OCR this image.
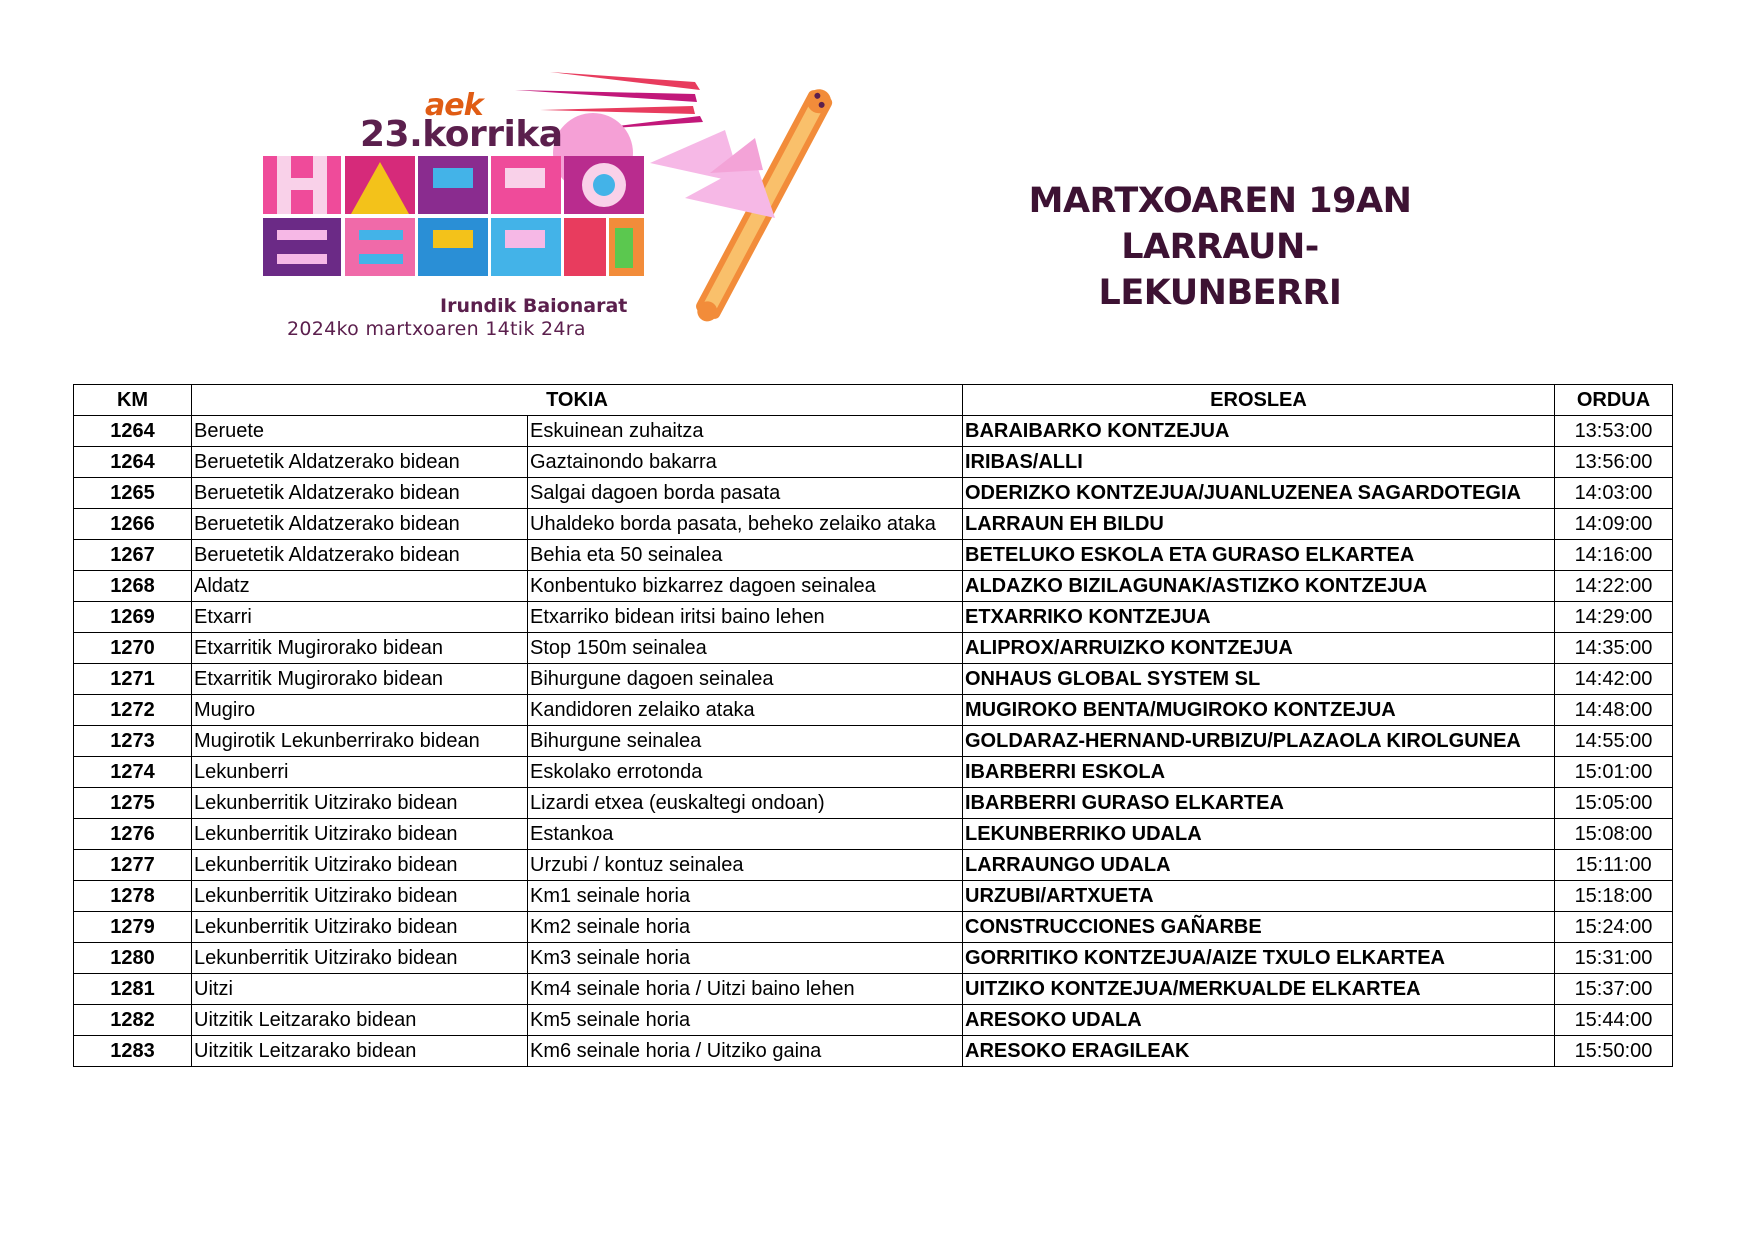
aek
23.korrika
Irundik Baionarat
2024ko martxoaren 14tik 24ra
MARTXOAREN 19AN
LARRAUN-LEKUNBERRI
KM	TOKIA		EROSLEA	ORDUA
1264	Beruete	Eskuinean zuhaitza	BARAIBARKO KONTZEJUA	13:53:00
1264	Beruetetik Aldatzerako bidean	Gaztainondo bakarra	IRIBAS/ALLI	13:56:00
1265	Beruetetik Aldatzerako bidean	Salgai dagoen borda pasata	ODERIZKO KONTZEJUA/JUANLUZENEA SAGARDOTEGIA	14:03:00
1266	Beruetetik Aldatzerako bidean	Uhaldeko borda pasata, beheko zelaiko ataka	LARRAUN EH BILDU	14:09:00
1267	Beruetetik Aldatzerako bidean	Behia eta 50 seinalea	BETELUKO ESKOLA ETA GURASO ELKARTEA	14:16:00
1268	Aldatz	Konbentuko bizkarrez dagoen seinalea	ALDAZKO BIZILAGUNAK/ASTIZKO KONTZEJUA	14:22:00
1269	Etxarri	Etxarriko bidean iritsi baino lehen	ETXARRIKO KONTZEJUA	14:29:00
1270	Etxarritik Mugirorako bidean	Stop 150m seinalea	ALIPROX/ARRUIZKO KONTZEJUA	14:35:00
1271	Etxarritik Mugirorako bidean	Bihurgune dagoen seinalea	ONHAUS GLOBAL SYSTEM SL	14:42:00
1272	Mugiro	Kandidoren zelaiko ataka	MUGIROKO BENTA/MUGIROKO KONTZEJUA	14:48:00
1273	Mugirotik Lekunberrirako bidean	Bihurgune seinalea	GOLDARAZ-HERNAND-URBIZU/PLAZAOLA KIROLGUNEA	14:55:00
1274	Lekunberri	Eskolako errotonda	IBARBERRI ESKOLA	15:01:00
1275	Lekunberritik Uitzirako bidean	Lizardi etxea (euskaltegi ondoan)	IBARBERRI GURASO ELKARTEA	15:05:00
1276	Lekunberritik Uitzirako bidean	Estankoa	LEKUNBERRIKO UDALA	15:08:00
1277	Lekunberritik Uitzirako bidean	Urzubi / kontuz seinalea	LARRAUNGO UDALA	15:11:00
1278	Lekunberritik Uitzirako bidean	Km1 seinale horia	URZUBI/ARTXUETA	15:18:00
1279	Lekunberritik Uitzirako bidean	Km2 seinale horia	CONSTRUCCIONES GAÑARBE	15:24:00
1280	Lekunberritik Uitzirako bidean	Km3 seinale horia	GORRITIKO KONTZEJUA/AIZE TXULO ELKARTEA	15:31:00
1281	Uitzi	Km4 seinale horia / Uitzi baino lehen	UITZIKO KONTZEJUA/MERKUALDE ELKARTEA	15:37:00
1282	Uitzitik Leitzarako bidean	Km5 seinale horia	ARESOKO UDALA	15:44:00
1283	Uitzitik Leitzarako bidean	Km6 seinale horia / Uitziko gaina	ARESOKO ERAGILEAK	15:50:00
